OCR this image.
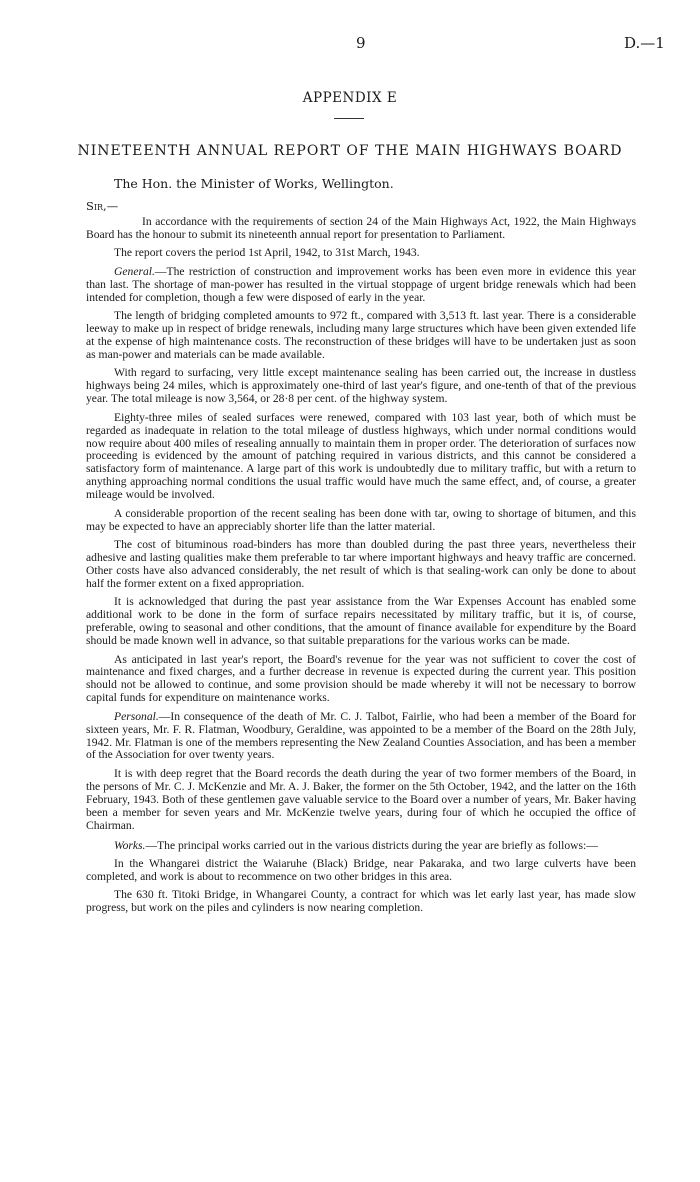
9	D.—1
APPENDIX E
NINETEENTH ANNUAL REPORT OF THE MAIN HIGHWAYS BOARD
The Hon. the Minister of Works, Wellington.
Sir,—

In accordance with the requirements of section 24 of the Main Highways Act, 1922, the Main Highways Board has the honour to submit its nineteenth annual report for presentation to Parliament.

The report covers the period 1st April, 1942, to 31st March, 1943.

General.—The restriction of construction and improvement works has been even more in evidence this year than last. The shortage of man-power has resulted in the virtual stoppage of urgent bridge renewals which had been intended for completion, though a few were disposed of early in the year.

The length of bridging completed amounts to 972 ft., compared with 3,513 ft. last year. There is a considerable leeway to make up in respect of bridge renewals, including many large structures which have been given extended life at the expense of high maintenance costs. The reconstruction of these bridges will have to be undertaken just as soon as man-power and materials can be made available.

With regard to surfacing, very little except maintenance sealing has been carried out, the increase in dustless highways being 24 miles, which is approximately one-third of last year's figure, and one-tenth of that of the previous year. The total mileage is now 3,564, or 28·8 per cent. of the highway system.

Eighty-three miles of sealed surfaces were renewed, compared with 103 last year, both of which must be regarded as inadequate in relation to the total mileage of dustless highways, which under normal conditions would now require about 400 miles of resealing annually to maintain them in proper order. The deterioration of surfaces now proceeding is evidenced by the amount of patching required in various districts, and this cannot be considered a satisfactory form of maintenance. A large part of this work is undoubtedly due to military traffic, but with a return to anything approaching normal conditions the usual traffic would have much the same effect, and, of course, a greater mileage would be involved.

A considerable proportion of the recent sealing has been done with tar, owing to shortage of bitumen, and this may be expected to have an appreciably shorter life than the latter material.

The cost of bituminous road-binders has more than doubled during the past three years, nevertheless their adhesive and lasting qualities make them preferable to tar where important highways and heavy traffic are concerned. Other costs have also advanced considerably, the net result of which is that sealing-work can only be done to about half the former extent on a fixed appropriation.

It is acknowledged that during the past year assistance from the War Expenses Account has enabled some additional work to be done in the form of surface repairs necessitated by military traffic, but it is, of course, preferable, owing to seasonal and other conditions, that the amount of finance available for expenditure by the Board should be made known well in advance, so that suitable preparations for the various works can be made.

As anticipated in last year's report, the Board's revenue for the year was not sufficient to cover the cost of maintenance and fixed charges, and a further decrease in revenue is expected during the current year. This position should not be allowed to continue, and some provision should be made whereby it will not be necessary to borrow capital funds for expenditure on maintenance works.

Personal.—In consequence of the death of Mr. C. J. Talbot, Fairlie, who had been a member of the Board for sixteen years, Mr. F. R. Flatman, Woodbury, Geraldine, was appointed to be a member of the Board on the 28th July, 1942. Mr. Flatman is one of the members representing the New Zealand Counties Association, and has been a member of the Association for over twenty years.

It is with deep regret that the Board records the death during the year of two former members of the Board, in the persons of Mr. C. J. McKenzie and Mr. A. J. Baker, the former on the 5th October, 1942, and the latter on the 16th February, 1943. Both of these gentlemen gave valuable service to the Board over a number of years, Mr. Baker having been a member for seven years and Mr. McKenzie twelve years, during four of which he occupied the office of Chairman.

Works.—The principal works carried out in the various districts during the year are briefly as follows:—

In the Whangarei district the Waiaruhe (Black) Bridge, near Pakaraka, and two large culverts have been completed, and work is about to recommence on two other bridges in this area.

The 630 ft. Titoki Bridge, in Whangarei County, a contract for which was let early last year, has made slow progress, but work on the piles and cylinders is now nearing completion.
